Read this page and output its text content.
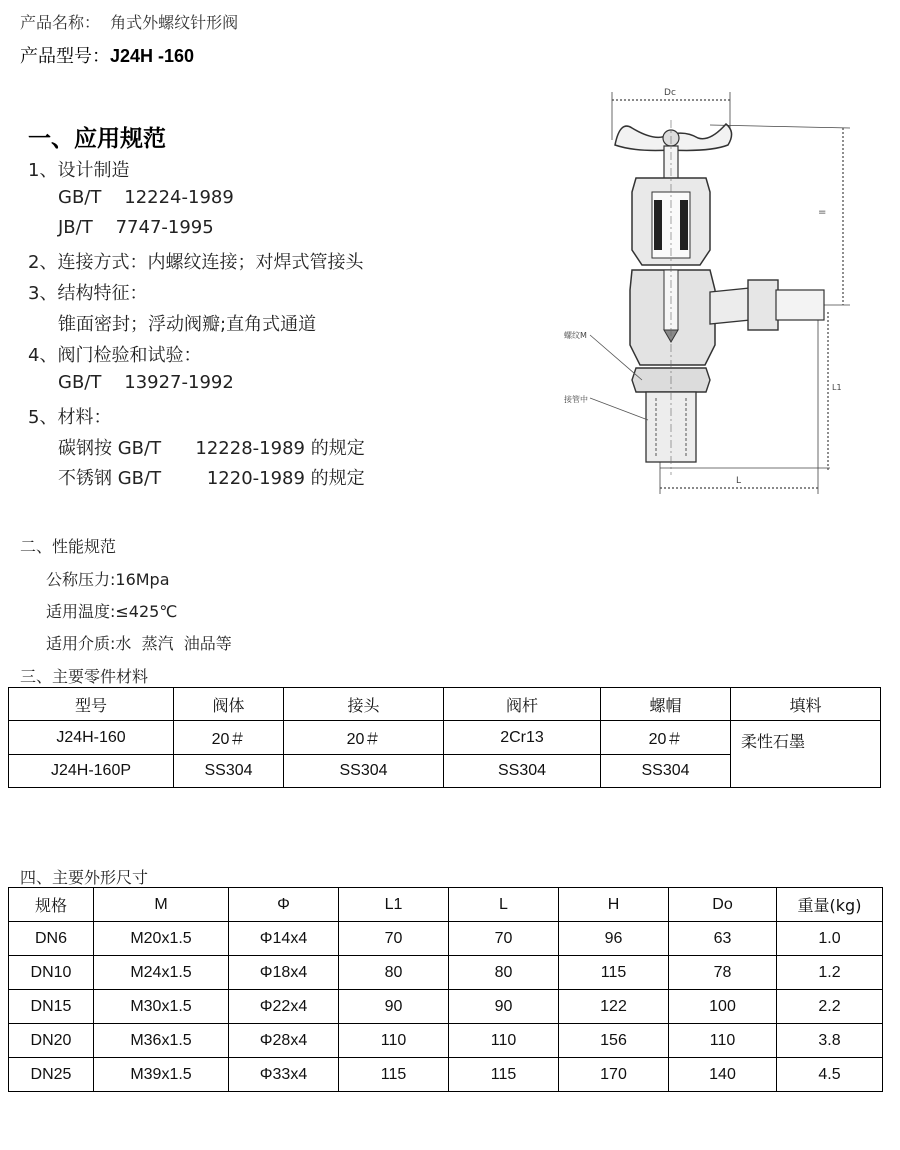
产品名称：  角式外螺纹针形阀
产品型号：J24H -160
一、应用规范
1、设计制造
GB/T    12224-1989
JB/T    7747-1995
2、连接方式：内螺纹连接；对焊式管接头
3、结构特征：
锥面密封；浮动阀瓣;直角式通道
4、阀门检验和试验：
GB/T    13927-1992
5、材料：
碳钢按 GB/T      12228-1989 的规定
不锈钢 GB/T        1220-1989 的规定
二、性能规范
公称压力:16Mpa
适用温度:≤425℃
适用介质:水  蒸汽  油品等
三、主要零件材料
型号	阀体	接头	阀杆	螺帽	填料
J24H-160	20＃	20＃	2Cr13	20＃	柔性石墨
J24H-160P	SS304	SS304	SS304	SS304	
四、主要外形尺寸
规格	M	Φ	L1	L	H	Do	重量(kg)
DN6	M20x1.5	Φ14x4	70	70	96	63	1.0
DN10	M24x1.5	Φ18x4	80	80	115	78	1.2
DN15	M30x1.5	Φ22x4	90	90	122	100	2.2
DN20	M36x1.5	Φ28x4	110	110	156	110	3.8
DN25	M39x1.5	Φ33x4	115	115	170	140	4.5
Dc
=
L
L1
螺纹M
接管中
